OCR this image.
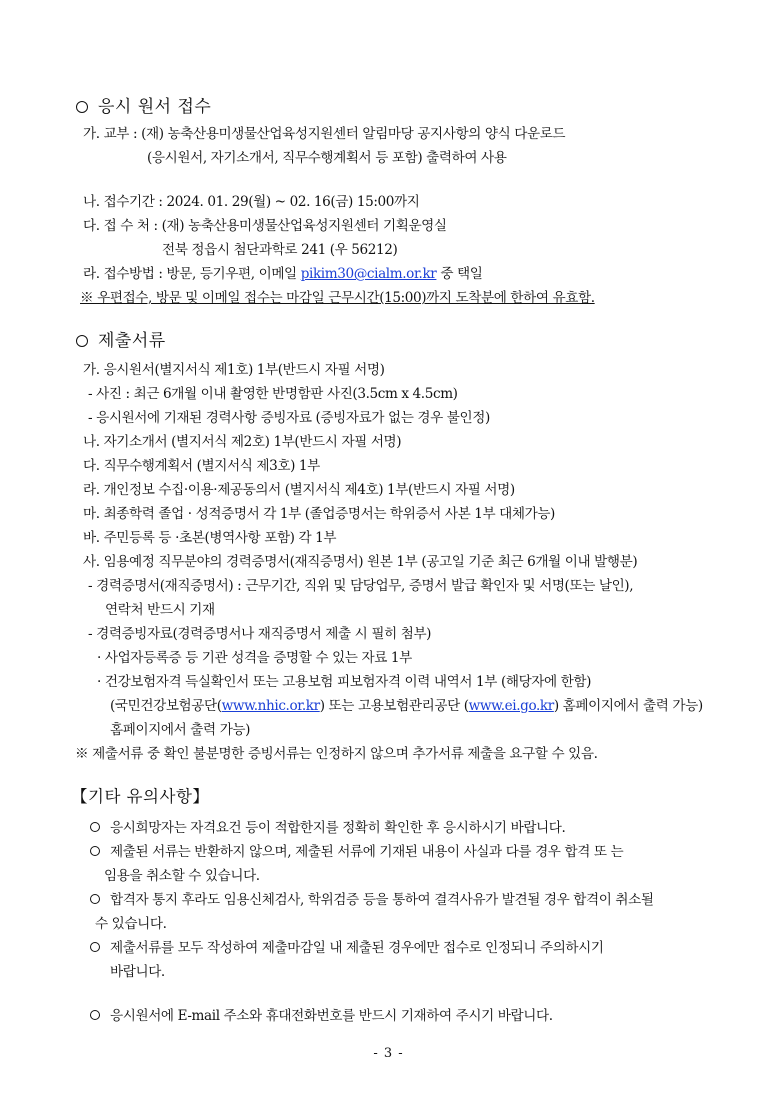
응시 원서 접수
가. 교부 : (재) 농축산용미생물산업육성지원센터 알림마당 공지사항의 양식 다운로드
(응시원서, 자기소개서, 직무수행계획서 등 포함) 출력하여 사용
나. 접수기간 : 2024. 01. 29(월) ~ 02. 16(금) 15:00까지
다. 접 수 처 : (재) 농축산용미생물산업육성지원센터 기획운영실
전북 정읍시 첨단과학로 241 (우 56212)
라. 접수방법 : 방문, 등기우편, 이메일 pikim30@cialm.or.kr 중 택일
※ 우편접수, 방문 및 이메일 접수는 마감일 근무시간(15:00)까지 도착분에 한하여 유효함.
제출서류
가. 응시원서(별지서식 제1호) 1부(반드시 자필 서명)
- 사진 : 최근 6개월 이내 촬영한 반명함판 사진(3.5cm x 4.5cm)
- 응시원서에 기재된 경력사항 증빙자료 (증빙자료가 없는 경우 불인정)
나. 자기소개서 (별지서식 제2호) 1부(반드시 자필 서명)
다. 직무수행계획서 (별지서식 제3호) 1부
라. 개인정보 수집·이용·제공동의서 (별지서식 제4호) 1부(반드시 자필 서명)
마. 최종학력 졸업 · 성적증명서 각 1부 (졸업증명서는 학위증서 사본 1부 대체가능)
바. 주민등록 등 ·초본(병역사항 포함) 각 1부
사. 임용예정 직무분야의 경력증명서(재직증명서) 원본 1부 (공고일 기준 최근 6개월 이내 발행분)
- 경력증명서(재직증명서) : 근무기간, 직위 및 담당업무, 증명서 발급 확인자 및 서명(또는 날인),
연락처 반드시 기재
- 경력증빙자료(경력증명서나 재직증명서 제출 시 필히 첨부)
· 사업자등록증 등 기관 성격을 증명할 수 있는 자료 1부
· 건강보험자격 득실확인서 또는 고용보험 피보험자격 이력 내역서 1부 (해당자에 한함)
(국민건강보험공단(www.nhic.or.kr) 또는 고용보험관리공단 (www.ei.go.kr) 홈페이지에서 출력 가능)
홈페이지에서 출력 가능)
※ 제출서류 중 확인 불분명한 증빙서류는 인정하지 않으며 추가서류 제출을 요구할 수 있음.
【기타 유의사항】
응시희망자는 자격요건 등이 적합한지를 정확히 확인한 후 응시하시기 바랍니다.
제출된 서류는 반환하지 않으며, 제출된 서류에 기재된 내용이 사실과 다를 경우 합격 또 는
임용을 취소할 수 있습니다.
합격자 통지 후라도 임용신체검사, 학위검증 등을 통하여 결격사유가 발견될 경우 합격이 취소될
수 있습니다.
제출서류를 모두 작성하여 제출마감일 내 제출된 경우에만 접수로 인정되니 주의하시기
바랍니다.
응시원서에 E-mail 주소와 휴대전화번호를 반드시 기재하여 주시기 바랍니다.
- 3 -
